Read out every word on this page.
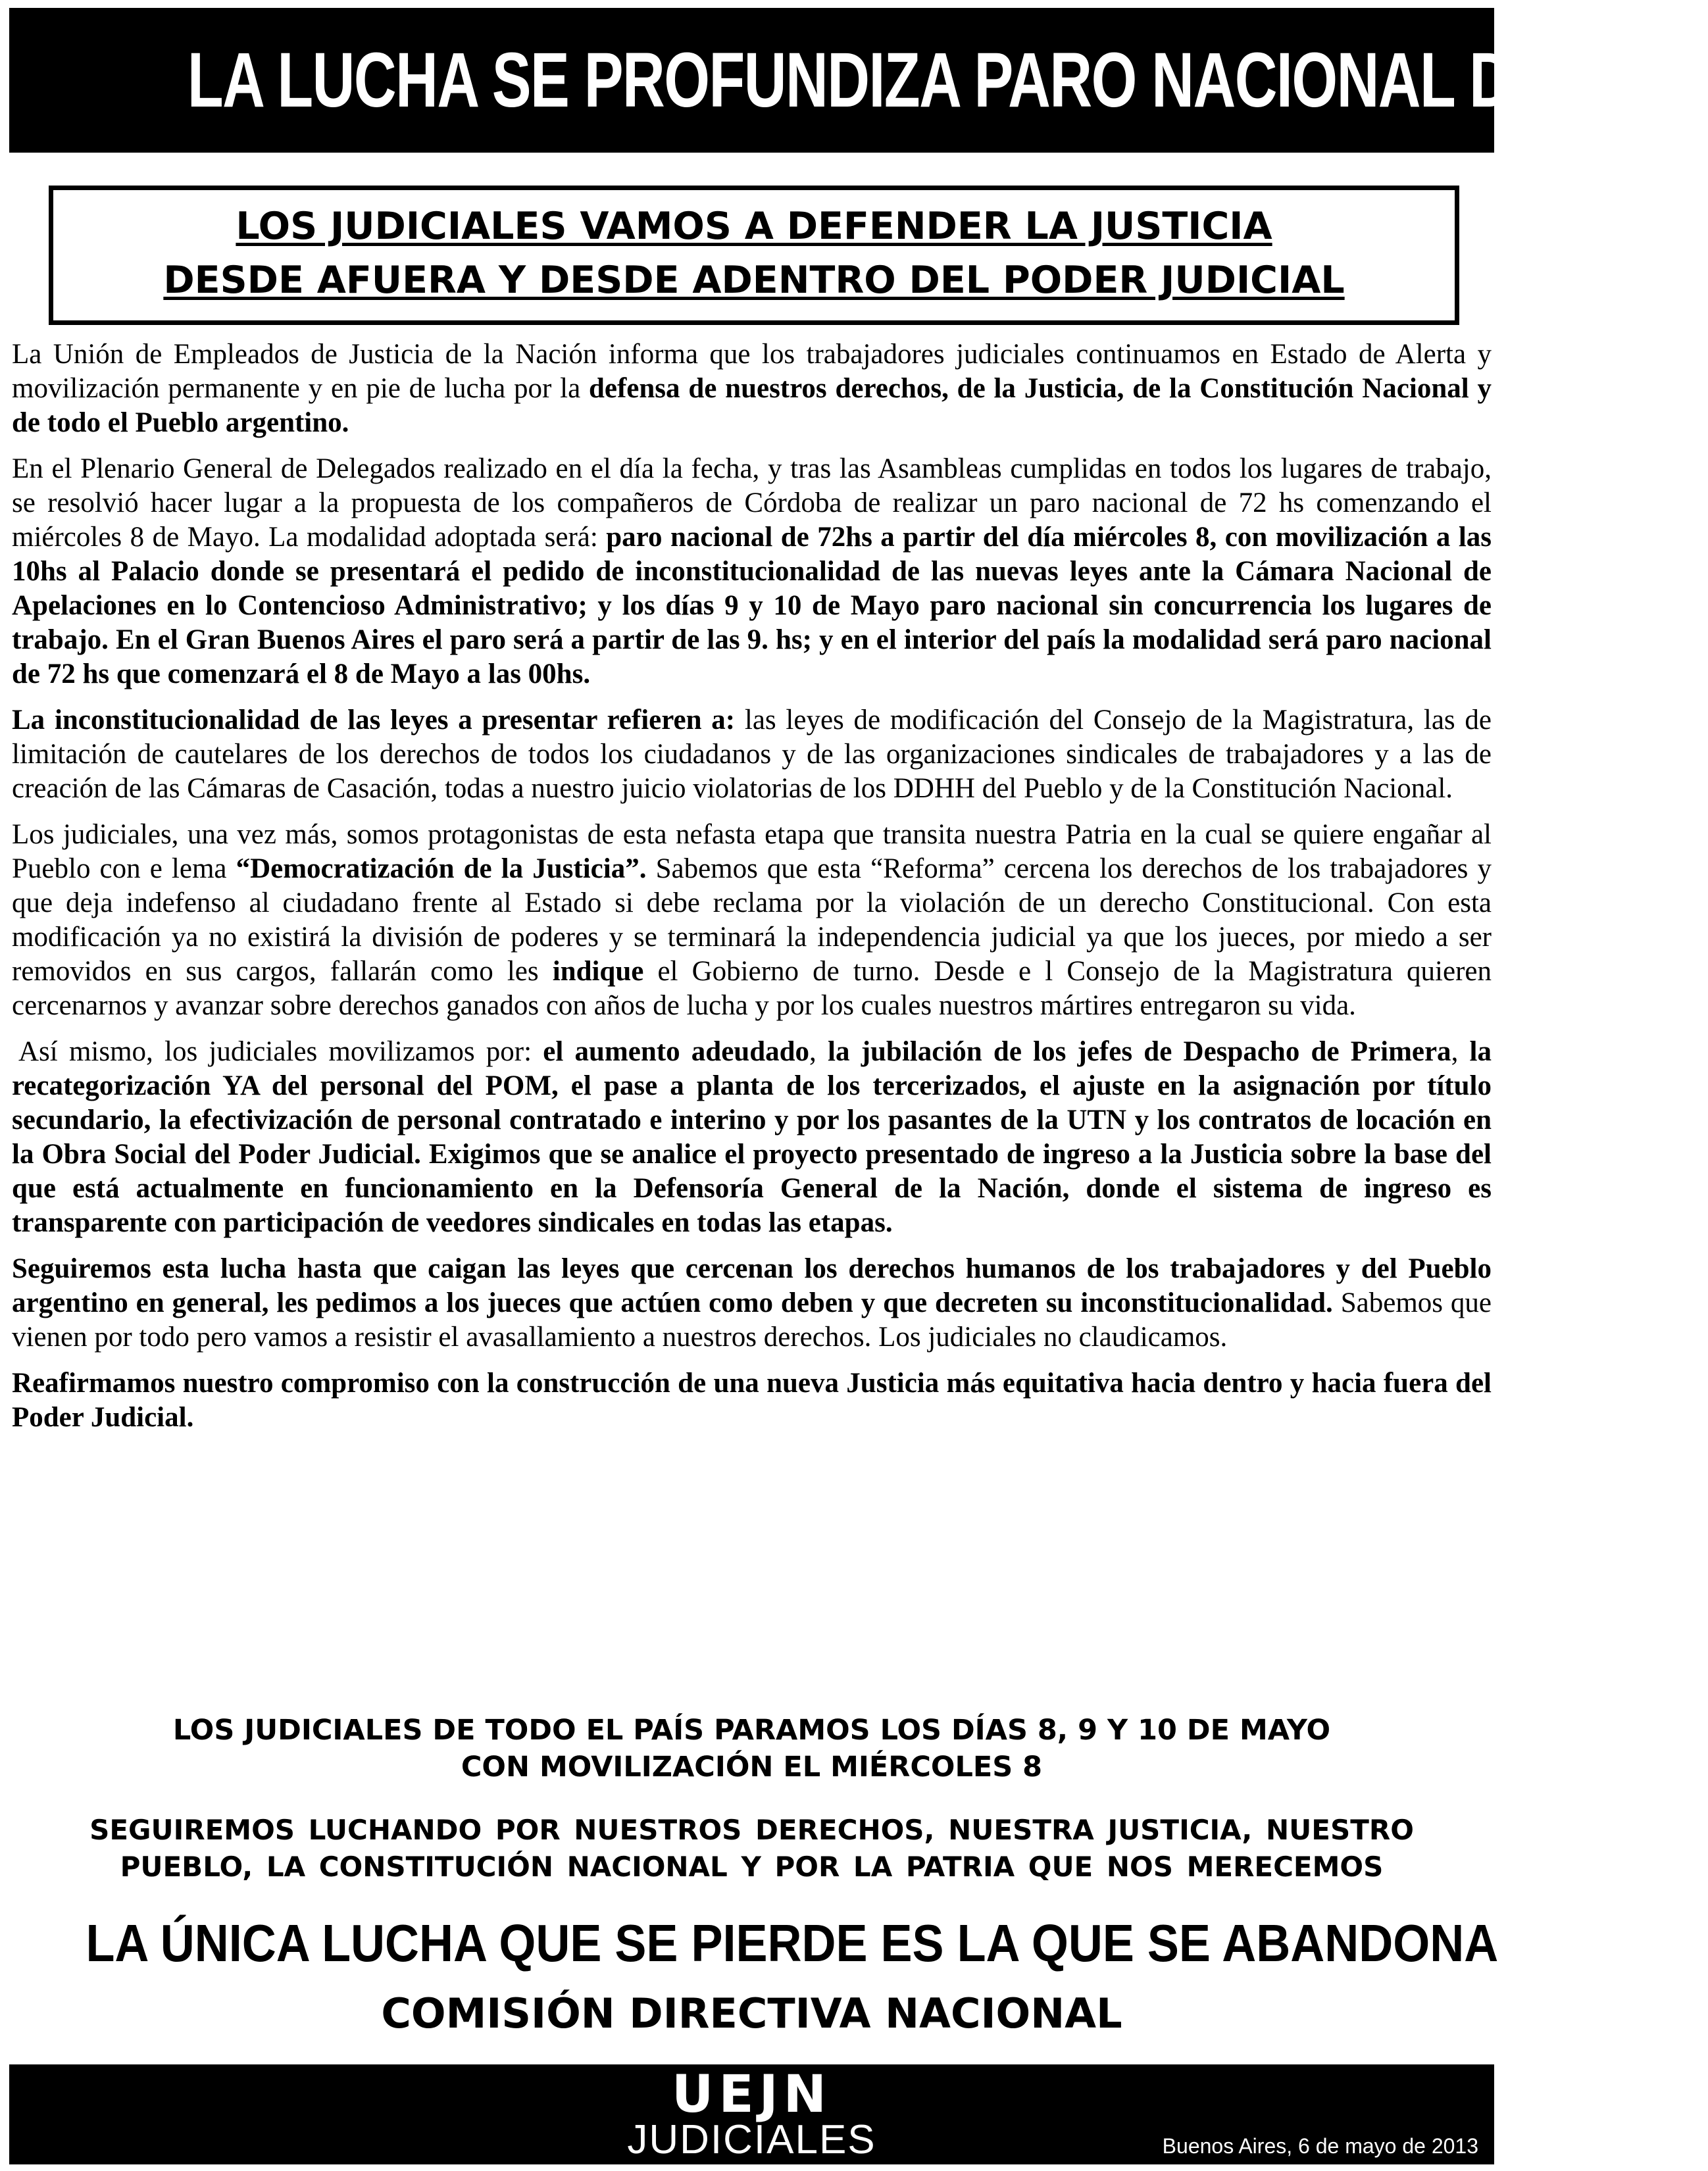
LA LUCHA SE PROFUNDIZA PARO NACIONAL DE 72HS
LOS JUDICIALES VAMOS A DEFENDER LA JUSTICIA
DESDE AFUERA Y DESDE ADENTRO DEL PODER JUDICIAL

La Unión de Empleados de Justicia de la Nación informa que los trabajadores judiciales continuamos en Estado de Alerta y movilización permanente y en pie de lucha por la defensa de nuestros derechos, de la Justicia, de la Constitución Nacional y de todo el Pueblo argentino.

En el Plenario General de Delegados realizado en el día la fecha, y tras las Asambleas cumplidas en todos los lugares de trabajo, se resolvió hacer lugar a la propuesta de los compañeros de Córdoba de realizar un paro nacional de 72 hs comenzando el miércoles 8 de Mayo. La modalidad adoptada será: paro nacional de 72hs a partir del día miércoles 8, con movilización a las 10hs al Palacio donde se presentará el pedido de inconstitucionalidad de las nuevas leyes ante la Cámara Nacional de Apelaciones en lo Contencioso Administrativo; y los días 9 y 10 de Mayo paro nacional sin concurrencia los lugares de trabajo. En el Gran Buenos Aires el paro será a partir de las 9. hs; y en el interior del país la modalidad será paro nacional de 72 hs que comenzará el 8 de Mayo a las 00hs.

La inconstitucionalidad de las leyes a presentar refieren a: las leyes de modificación del Consejo de la Magistratura, las de limitación de cautelares de los derechos de todos los ciudadanos y de las organizaciones sindicales de trabajadores y a las de creación de las Cámaras de Casación, todas a nuestro juicio violatorias de los DDHH del Pueblo y de la Constitución Nacional.

Los judiciales, una vez más, somos protagonistas de esta nefasta etapa que transita nuestra Patria en la cual se quiere engañar al Pueblo con e lema “Democratización de la Justicia”. Sabemos que esta “Reforma” cercena los derechos de los trabajadores y que deja indefenso al ciudadano frente al Estado si debe reclama por la violación de un derecho Constitucional. Con esta modificación ya no existirá la división de poderes y se terminará la independencia judicial ya que los jueces, por miedo a ser removidos en sus cargos, fallarán como les indique el Gobierno de turno. Desde e l Consejo de la Magistratura quieren cercenarnos y avanzar sobre derechos ganados con años de lucha y por los cuales nuestros mártires entregaron su vida.

Así mismo, los judiciales movilizamos por: el aumento adeudado, la jubilación de los jefes de Despacho de Primera, la recategorización YA del personal del POM, el pase a planta de los tercerizados, el ajuste en la asignación por título secundario, la efectivización de personal contratado e interino y por los pasantes de la UTN y los contratos de locación en la Obra Social del Poder Judicial. Exigimos que se analice el proyecto presentado de ingreso a la Justicia sobre la base del que está actualmente en funcionamiento en la Defensoría General de la Nación, donde el sistema de ingreso es transparente con participación de veedores sindicales en todas las etapas.

Seguiremos esta lucha hasta que caigan las leyes que cercenan los derechos humanos de los trabajadores y del Pueblo argentino en general, les pedimos a los jueces que actúen como deben y que decreten su inconstitucionalidad. Sabemos que vienen por todo pero vamos a resistir el avasallamiento a nuestros derechos. Los judiciales no claudicamos.

Reafirmamos nuestro compromiso con la construcción de una nueva Justicia más equitativa hacia dentro y hacia fuera del Poder Judicial.

LOS JUDICIALES DE TODO EL PAÍS PARAMOS LOS DÍAS 8, 9 Y 10 DE MAYO
CON MOVILIZACIÓN EL MIÉRCOLES 8
SEGUIREMOS LUCHANDO POR NUESTROS DERECHOS, NUESTRA JUSTICIA, NUESTRO
PUEBLO, LA CONSTITUCIÓN NACIONAL Y POR LA PATRIA QUE NOS MERECEMOS
LA ÚNICA LUCHA QUE SE PIERDE ES LA QUE SE ABANDONA
COMISIÓN DIRECTIVA NACIONAL
UEJN
JUDICIALES	Buenos Aires, 6 de mayo de 2013
